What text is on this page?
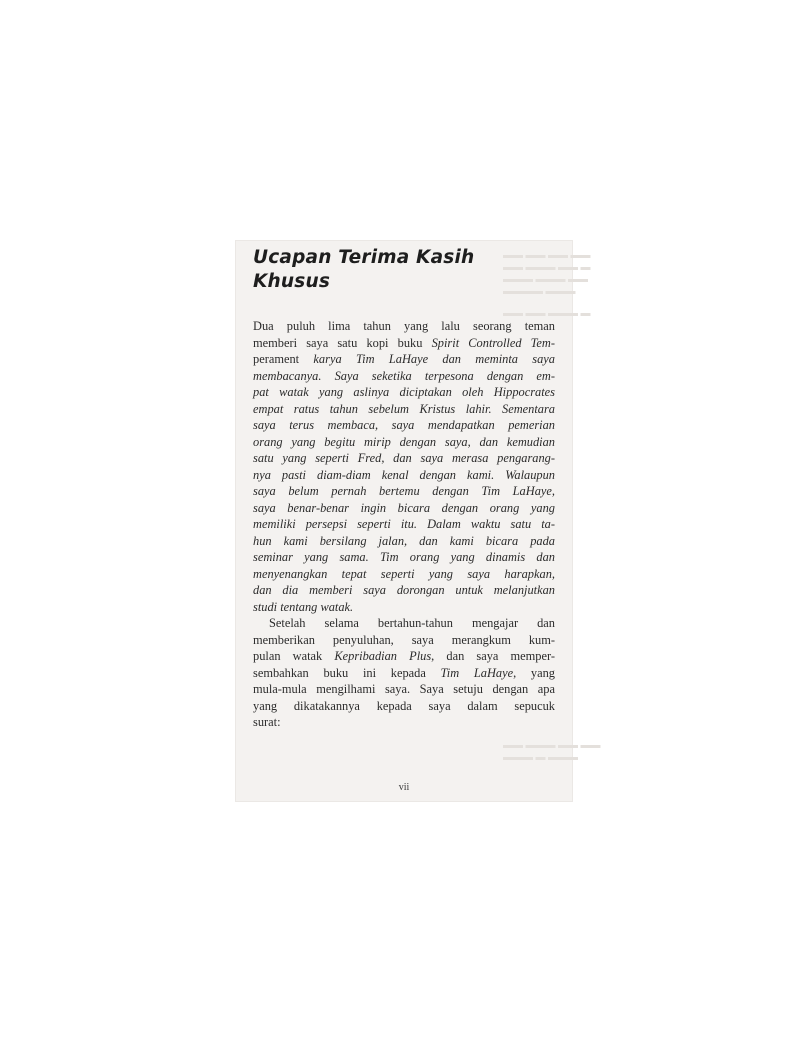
▬▬ ▬▬ ▬▬ ▬▬
▬▬ ▬▬▬ ▬▬ ▬
▬▬▬ ▬▬▬ ▬▬
▬▬▬▬ ▬▬▬
▬▬ ▬▬ ▬▬▬ ▬
▬▬ ▬▬▬ ▬▬ ▬▬
▬▬▬ ▬ ▬▬▬
Ucapan Terima Kasih
Khusus

Dua puluh lima tahun yang lalu seorang teman
memberi saya satu kopi buku Spirit Controlled Tem-
perament karya Tim LaHaye dan meminta saya
membacanya. Saya seketika terpesona dengan em-
pat watak yang aslinya diciptakan oleh Hippocrates
empat ratus tahun sebelum Kristus lahir. Sementara
saya terus membaca, saya mendapatkan pemerian
orang yang begitu mirip dengan saya, dan kemudian
satu yang seperti Fred, dan saya merasa pengarang-
nya pasti diam-diam kenal dengan kami. Walaupun
saya belum pernah bertemu dengan Tim LaHaye,
saya benar-benar ingin bicara dengan orang yang
memiliki persepsi seperti itu. Dalam waktu satu ta-
hun kami bersilang jalan, dan kami bicara pada
seminar yang sama. Tim orang yang dinamis dan
menyenangkan tepat seperti yang saya harapkan,
dan dia memberi saya dorongan untuk melanjutkan
studi tentang watak.

Setelah selama bertahun-tahun mengajar dan
memberikan penyuluhan, saya merangkum kum-
pulan watak Kepribadian Plus, dan saya memper-
sembahkan buku ini kepada Tim LaHaye, yang
mula-mula mengilhami saya. Saya setuju dengan apa
yang dikatakannya kepada saya dalam sepucuk
surat:

vii
